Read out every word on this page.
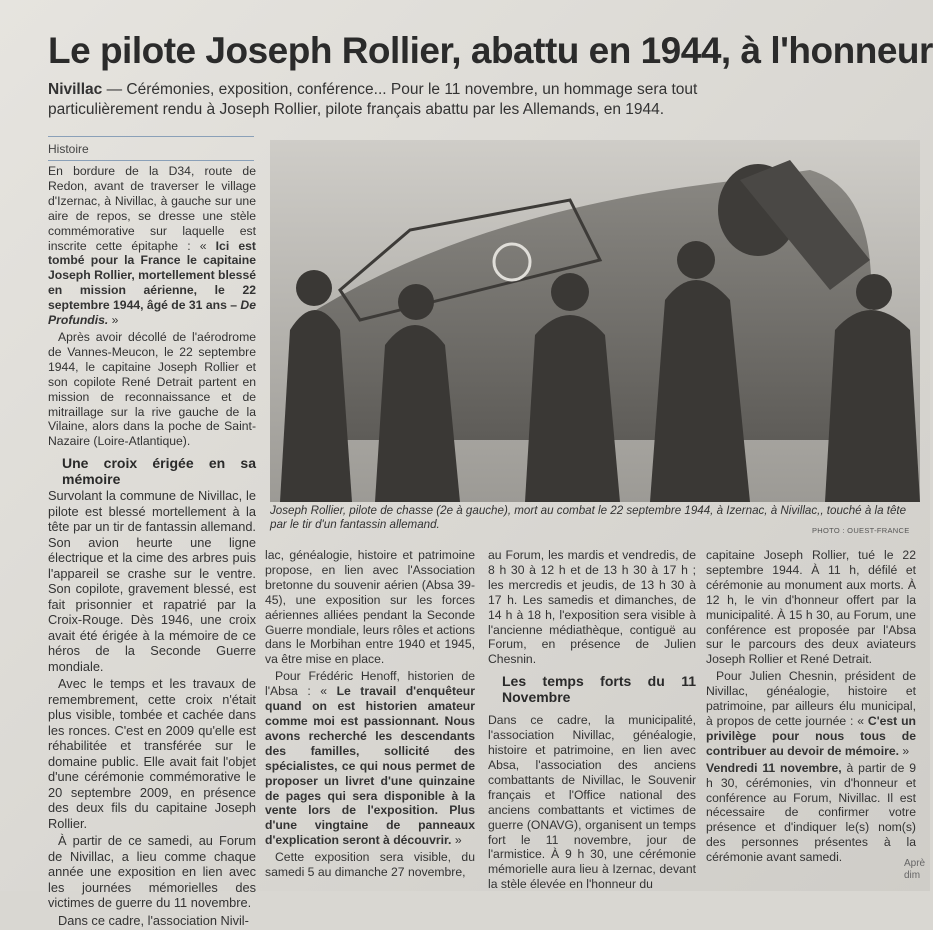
Le pilote Joseph Rollier, abattu en 1944, à l'honneur

Nivillac — Cérémonies, exposition, conférence... Pour le 11 novembre, un hommage sera tout particulièrement rendu à Joseph Rollier, pilote français abattu par les Allemands, en 1944.

Histoire

En bordure de la D34, route de Redon, avant de traverser le village d'Izernac, à Nivillac, à gauche sur une aire de repos, se dresse une stèle commémorative sur laquelle est inscrite cette épitaphe : « Ici est tombé pour la France le capitaine Joseph Rollier, mortellement blessé en mission aérienne, le 22 septembre 1944, âgé de 31 ans – De Profundis. »

Après avoir décollé de l'aérodrome de Vannes-Meucon, le 22 septembre 1944, le capitaine Joseph Rollier et son copilote René Detrait partent en mission de reconnaissance et de mitraillage sur la rive gauche de la Vilaine, alors dans la poche de Saint-Nazaire (Loire-Atlantique).

Une croix érigée en sa mémoire

Survolant la commune de Nivillac, le pilote est blessé mortellement à la tête par un tir de fantassin allemand. Son avion heurte une ligne électrique et la cime des arbres puis l'appareil se crashe sur le ventre. Son copilote, gravement blessé, est fait prisonnier et rapatrié par la Croix-Rouge. Dès 1946, une croix avait été érigée à la mémoire de ce héros de la Seconde Guerre mondiale.

Avec le temps et les travaux de remembrement, cette croix n'était plus visible, tombée et cachée dans les ronces. C'est en 2009 qu'elle est réhabilitée et transférée sur le domaine public. Elle avait fait l'objet d'une cérémonie commémorative le 20 septembre 2009, en présence des deux fils du capitaine Joseph Rollier.

À partir de ce samedi, au Forum de Nivillac, a lieu comme chaque année une exposition en lien avec les journées mémorielles des victimes de guerre du 11 novembre.

Dans ce cadre, l'association Nivil-

Joseph Rollier, pilote de chasse (2e à gauche), mort au combat le 22 septembre 1944, à Izernac, à Nivillac,, touché à la tête par le tir d'un fantassin allemand.	PHOTO : OUEST-FRANCE

lac, généalogie, histoire et patrimoine propose, en lien avec l'Association bretonne du souvenir aérien (Absa 39-45), une exposition sur les forces aériennes alliées pendant la Seconde Guerre mondiale, leurs rôles et actions dans le Morbihan entre 1940 et 1945, va être mise en place.

Pour Frédéric Henoff, historien de l'Absa : « Le travail d'enquêteur quand on est historien amateur comme moi est passionnant. Nous avons recherché les descendants des familles, sollicité des spécialistes, ce qui nous permet de proposer un livret d'une quinzaine de pages qui sera disponible à la vente lors de l'exposition. Plus d'une vingtaine de panneaux d'explication seront à découvrir. »

Cette exposition sera visible, du samedi 5 au dimanche 27 novembre,

au Forum, les mardis et vendredis, de 8 h 30 à 12 h et de 13 h 30 à 17 h ; les mercredis et jeudis, de 13 h 30 à 17 h. Les samedis et dimanches, de 14 h à 18 h, l'exposition sera visible à l'ancienne médiathèque, contiguë au Forum, en présence de Julien Chesnin.

Les temps forts du 11 Novembre

Dans ce cadre, la municipalité, l'association Nivillac, généalogie, histoire et patrimoine, en lien avec Absa, l'association des anciens combattants de Nivillac, le Souvenir français et l'Office national des anciens combattants et victimes de guerre (ONAVG), organisent un temps fort le 11 novembre, jour de l'armistice. À 9 h 30, une cérémonie mémorielle aura lieu à Izernac, devant la stèle élevée en l'honneur du

capitaine Joseph Rollier, tué le 22 septembre 1944. À 11 h, défilé et cérémonie au monument aux morts. À 12 h, le vin d'honneur offert par la municipalité. À 15 h 30, au Forum, une conférence est proposée par l'Absa sur le parcours des deux aviateurs Joseph Rollier et René Detrait.

Pour Julien Chesnin, président de Nivillac, généalogie, histoire et patrimoine, par ailleurs élu municipal, à propos de cette journée : « C'est un privilège pour nous tous de contribuer au devoir de mémoire. »

Vendredi 11 novembre, à partir de 9 h 30, cérémonies, vin d'honneur et conférence au Forum, Nivillac. Il est nécessaire de confirmer votre présence et d'indiquer le(s) nom(s) des personnes présentes à la cérémonie avant samedi.	Aprè dim
